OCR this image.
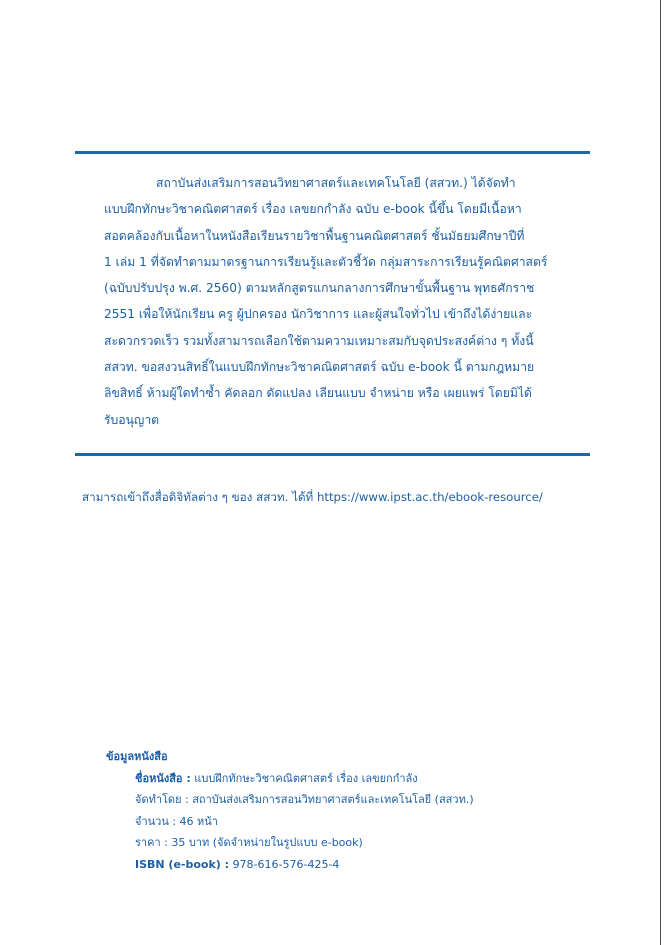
สถาบันส่งเสริมการสอนวิทยาศาสตร์และเทคโนโลยี (สสวท.) ได้จัดทำ
แบบฝึกทักษะวิชาคณิตศาสตร์ เรื่อง เลขยกกำลัง ฉบับ e-book นี้ขึ้น โดยมีเนื้อหา
สอดคล้องกับเนื้อหาในหนังสือเรียนรายวิชาพื้นฐานคณิตศาสตร์ ชั้นมัธยมศึกษาปีที่
1 เล่ม 1 ที่จัดทำตามมาตรฐานการเรียนรู้และตัวชี้วัด กลุ่มสาระการเรียนรู้คณิตศาสตร์
(ฉบับปรับปรุง พ.ศ. 2560) ตามหลักสูตรแกนกลางการศึกษาขั้นพื้นฐาน พุทธศักราช
2551 เพื่อให้นักเรียน ครู ผู้ปกครอง นักวิชาการ และผู้สนใจทั่วไป เข้าถึงได้ง่ายและ
สะดวกรวดเร็ว รวมทั้งสามารถเลือกใช้ตามความเหมาะสมกับจุดประสงค์ต่าง ๆ ทั้งนี้
สสวท. ขอสงวนสิทธิ์ในแบบฝึกทักษะวิชาคณิตศาสตร์ ฉบับ e-book นี้ ตามกฎหมาย
ลิขสิทธิ์ ห้ามผู้ใดทำซ้ำ คัดลอก ดัดแปลง เลียนแบบ จำหน่าย หรือ เผยแพร่ โดยมิได้
รับอนุญาต

สามารถเข้าถึงสื่อดิจิทัลต่าง ๆ ของ สสวท. ได้ที่ https://www.ipst.ac.th/ebook-resource/
ข้อมูลหนังสือ
ชื่อหนังสือ : แบบฝึกทักษะวิชาคณิตศาสตร์ เรื่อง เลขยกกำลัง
จัดทำโดย : สถาบันส่งเสริมการสอนวิทยาศาสตร์และเทคโนโลยี (สสวท.)
จำนวน : 46 หน้า
ราคา : 35 บาท (จัดจำหน่ายในรูปแบบ e-book)
ISBN (e-book) : 978-616-576-425-4
